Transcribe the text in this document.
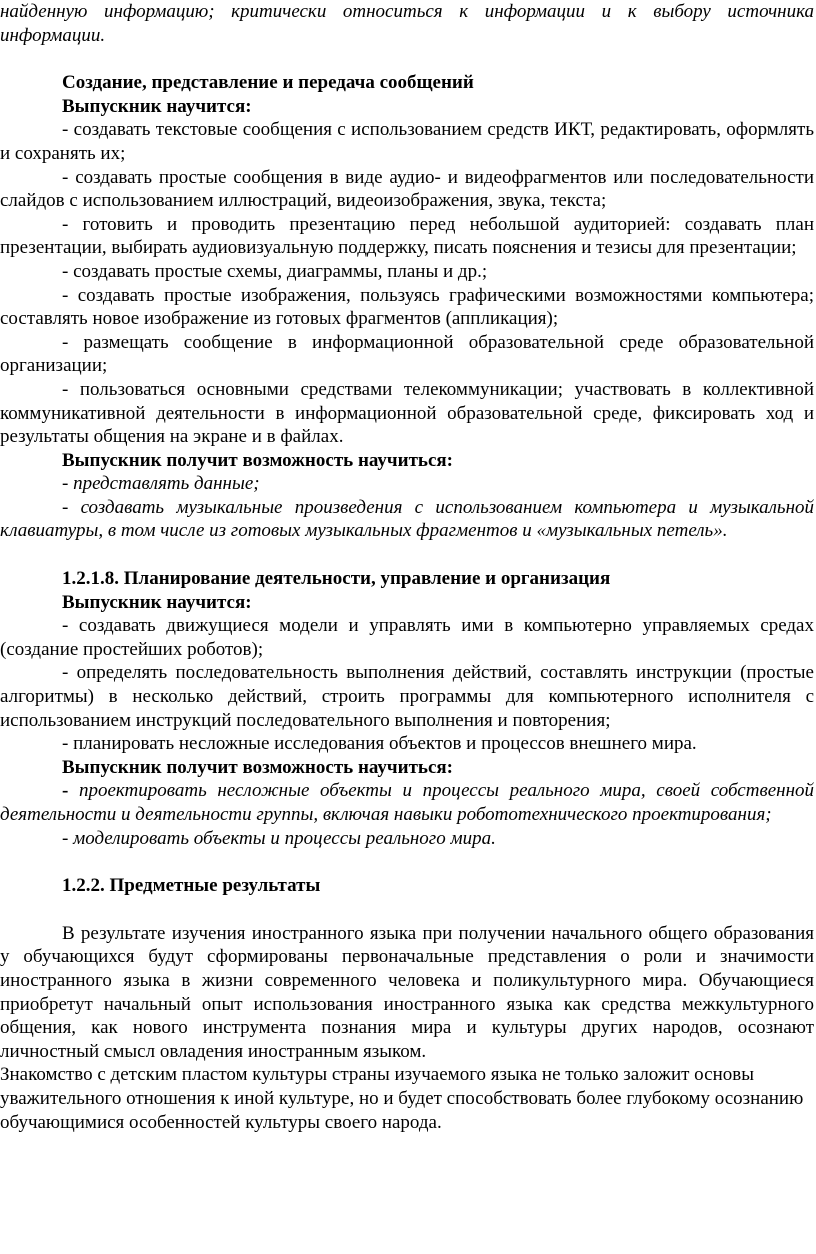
найденную информацию; критически относиться к информации и к выбору источника информации.

Создание, представление и передача сообщений

Выпускник научится:

- создавать текстовые сообщения с использованием средств ИКТ, редактировать, оформлять и сохранять их;

- создавать простые сообщения в виде аудио- и видеофрагментов или последовательности слайдов с использованием иллюстраций, видеоизображения, звука, текста;

- готовить и проводить презентацию перед небольшой аудиторией: создавать план презентации, выбирать аудиовизуальную поддержку, писать пояснения и тезисы для презентации;

- создавать простые схемы, диаграммы, планы и др.;

- создавать простые изображения, пользуясь графическими возможностями компьютера; составлять новое изображение из готовых фрагментов (аппликация);

- размещать сообщение в информационной образовательной среде образовательной организации;

- пользоваться основными средствами телекоммуникации; участвовать в коллективной коммуникативной деятельности в информационной образовательной среде, фиксировать ход и результаты общения на экране и в файлах.

Выпускник получит возможность научиться:

- представлять данные;

- создавать музыкальные произведения с использованием компьютера и музыкальной клавиатуры, в том числе из готовых музыкальных фрагментов и «музыкальных петель».

1.2.1.8. Планирование деятельности, управление и организация

Выпускник научится:

- создавать движущиеся модели и управлять ими в компьютерно управляемых средах (создание простейших роботов);

- определять последовательность выполнения действий, составлять инструкции (простые алгоритмы) в несколько действий, строить программы для компьютерного исполнителя с использованием инструкций последовательного выполнения и повторения;

- планировать несложные исследования объектов и процессов внешнего мира.

Выпускник получит возможность научиться:

- проектировать несложные объекты и процессы реального мира, своей собственной деятельности и деятельности группы, включая навыки робототехнического проектирования;

- моделировать объекты и процессы реального мира.

1.2.2. Предметные результаты

В результате изучения иностранного языка при получении начального общего образования у обучающихся будут сформированы первоначальные представления о роли и значимости иностранного языка в жизни современного человека и поликультурного мира. Обучающиеся приобретут начальный опыт использования иностранного языка как средства межкультурного общения, как нового инструмента познания мира и культуры других народов, осознают личностный смысл овладения иностранным языком.

Знакомство с детским пластом культуры страны изучаемого языка не только заложит основы уважительного отношения к иной культуре, но и будет способствовать более глубокому осознанию обучающимися особенностей культуры своего народа.
